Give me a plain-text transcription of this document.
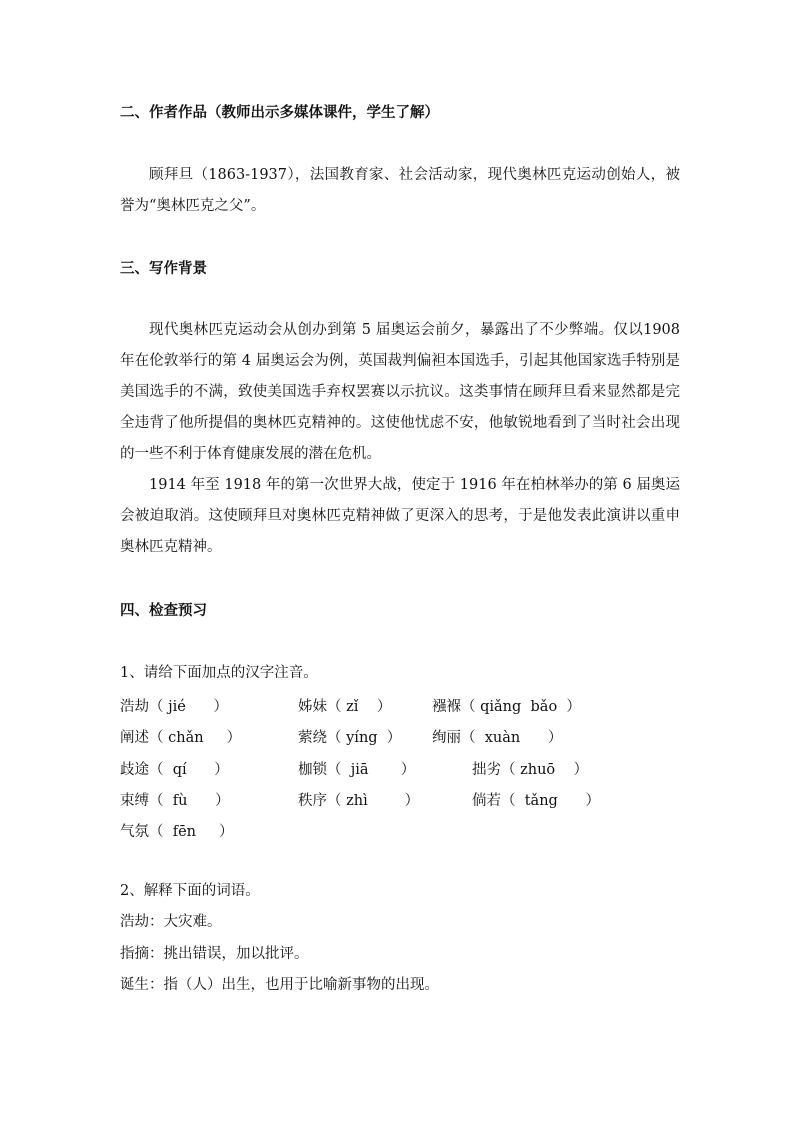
二、作者作品（教师出示多媒体课件，学生了解）

顾拜旦（1863-1937），法国教育家、社会活动家，现代奥林匹克运动创始人，被誉为“奥林匹克之父”。

三、写作背景

现代奥林匹克运动会从创办到第 5 届奥运会前夕，暴露出了不少弊端。仅以1908 年在伦敦举行的第 4 届奥运会为例，英国裁判偏袒本国选手，引起其他国家选手特别是美国选手的不满，致使美国选手弃权罢赛以示抗议。这类事情在顾拜旦看来显然都是完全违背了他所提倡的奥林匹克精神的。这使他忧虑不安，他敏锐地看到了当时社会出现的一些不利于体育健康发展的潜在危机。

1914 年至 1918 年的第一次世界大战，使定于 1916 年在柏林举办的第 6 届奥运会被迫取消。这使顾拜旦对奥林匹克精神做了更深入的思考，于是他发表此演讲以重申奥林匹克精神。

四、检查预习
1、请给下面加点的汉字注音。
浩劫（ jié      ）	姊妹（ zǐ    ）	襁褓（ qiǎng  bǎo  ）
阐述（ chǎn     ）	萦绕（ yíng  ） 绚丽（  xuàn      ）
歧途（  qí      ）	枷锁（  jiā       ）	拙劣（ zhuō    ）
束缚（  fù      ）	秩序（ zhì        ）	倘若（  tǎng      ）
气氛（  fēn     ）
2、解释下面的词语。
浩劫：大灾难。
指摘：挑出错误，加以批评。
诞生：指（人）出生，也用于比喻新事物的出现。
